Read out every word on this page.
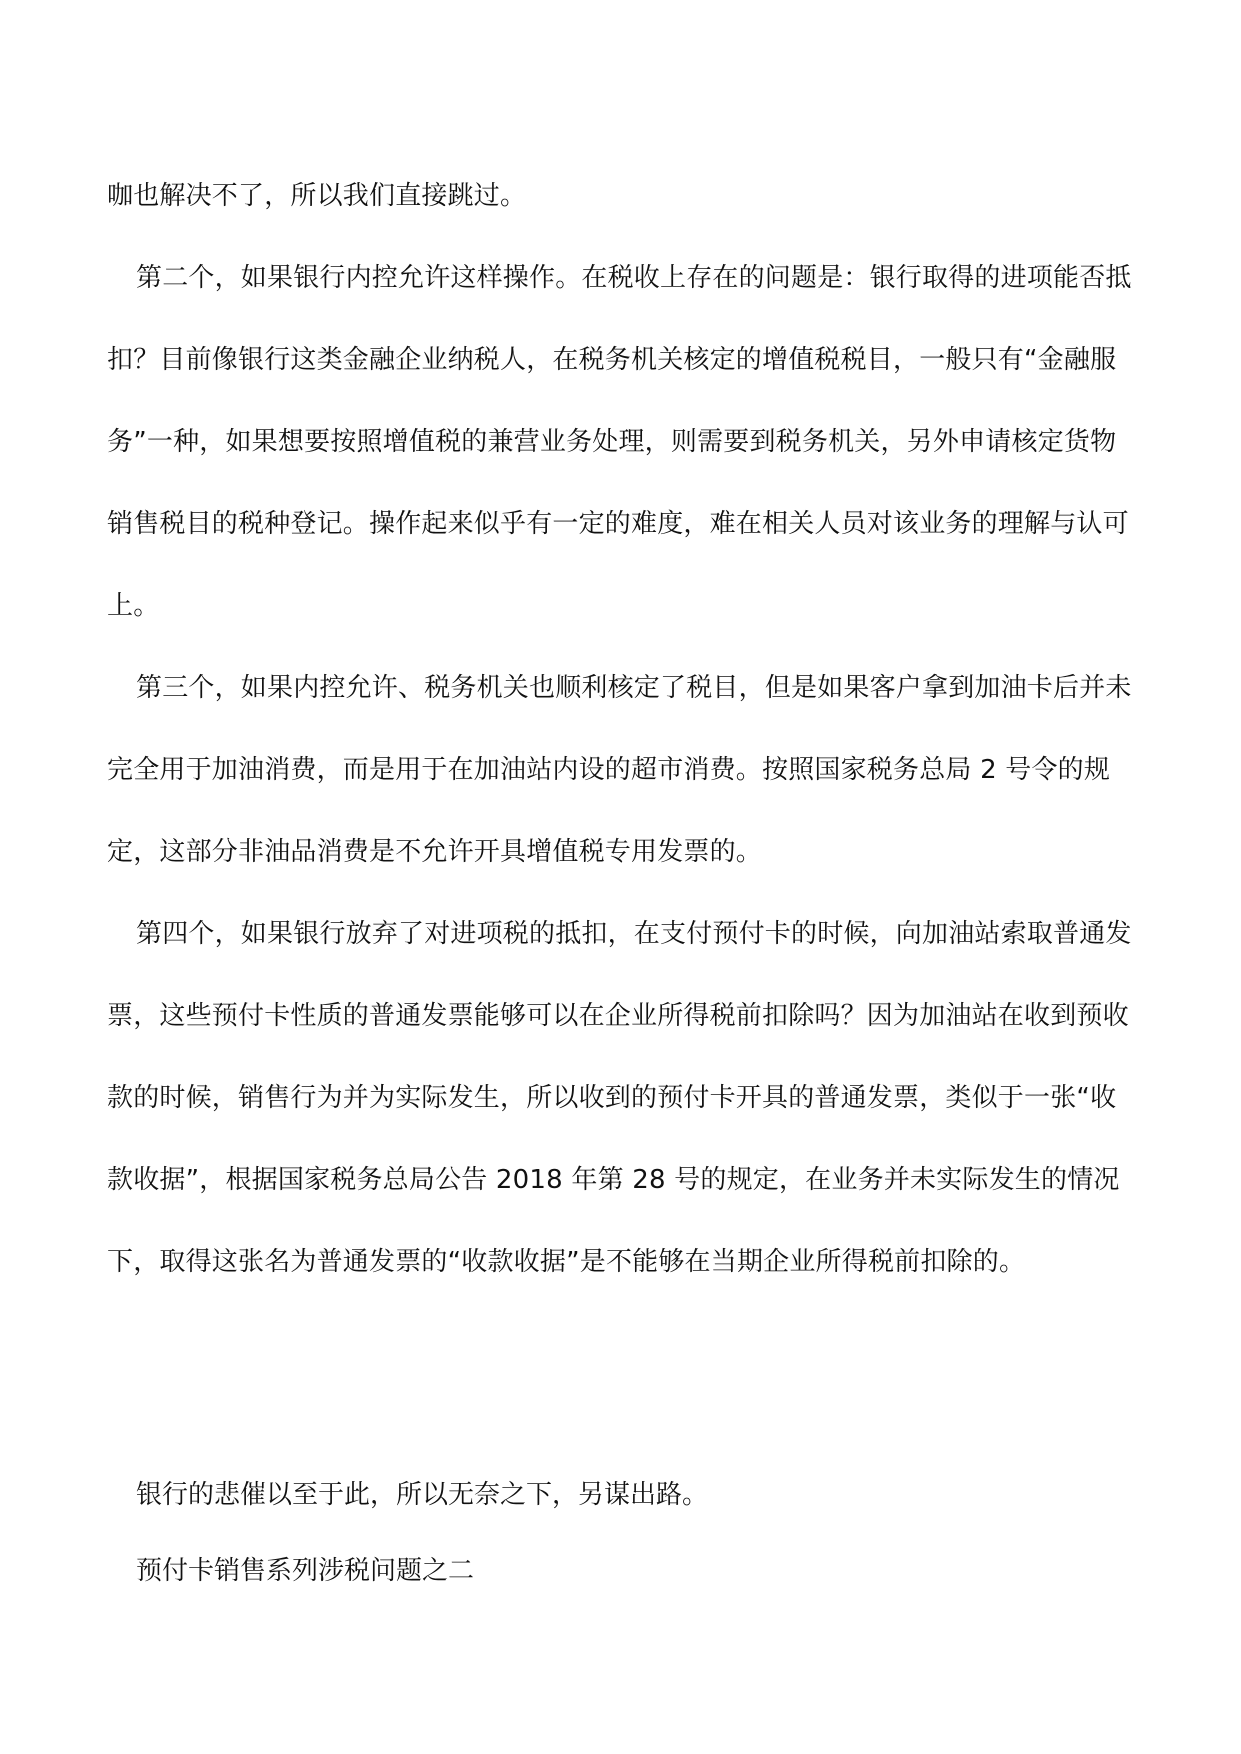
咖也解决不了，所以我们直接跳过。

第二个，如果银行内控允许这样操作。在税收上存在的问题是：银行取得的进项能否抵扣？目前像银行这类金融企业纳税人，在税务机关核定的增值税税目，一般只有“金融服务”一种，如果想要按照增值税的兼营业务处理，则需要到税务机关，另外申请核定货物销售税目的税种登记。操作起来似乎有一定的难度，难在相关人员对该业务的理解与认可上。

第三个，如果内控允许、税务机关也顺利核定了税目，但是如果客户拿到加油卡后并未完全用于加油消费，而是用于在加油站内设的超市消费。按照国家税务总局 2 号令的规定，这部分非油品消费是不允许开具增值税专用发票的。

第四个，如果银行放弃了对进项税的抵扣，在支付预付卡的时候，向加油站索取普通发票，这些预付卡性质的普通发票能够可以在企业所得税前扣除吗？因为加油站在收到预收款的时候，销售行为并为实际发生，所以收到的预付卡开具的普通发票，类似于一张“收款收据”，根据国家税务总局公告 2018 年第 28 号的规定，在业务并未实际发生的情况下，取得这张名为普通发票的“收款收据”是不能够在当期企业所得税前扣除的。

银行的悲催以至于此，所以无奈之下，另谋出路。

预付卡销售系列涉税问题之二
